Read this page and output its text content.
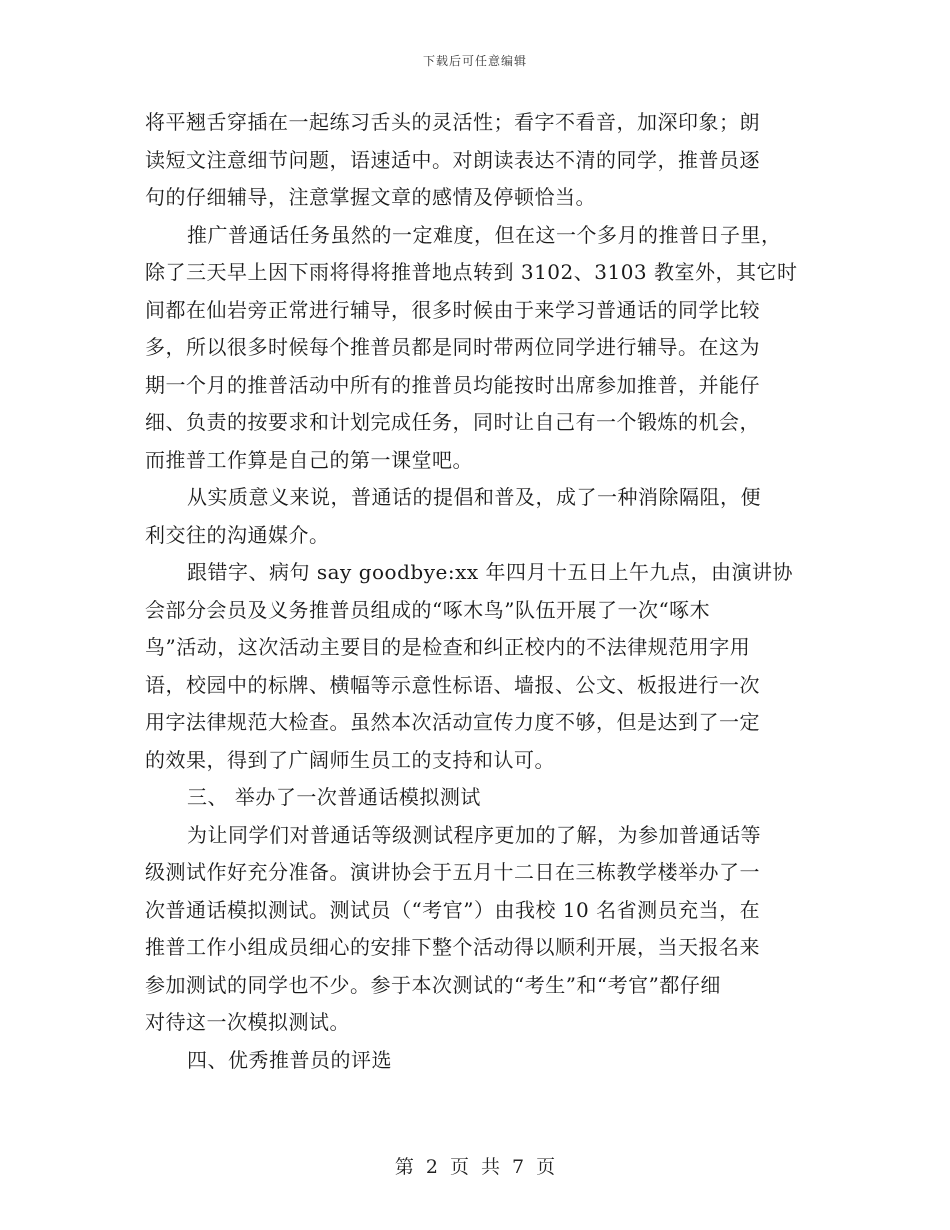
下载后可任意编辑
将平翘舌穿插在一起练习舌头的灵活性；看字不看音，加深印象；朗
读短文注意细节问题，语速适中。对朗读表达不清的同学，推普员逐
句的仔细辅导，注意掌握文章的感情及停顿恰当。
推广普通话任务虽然的一定难度，但在这一个多月的推普日子里，
除了三天早上因下雨将得将推普地点转到 3102、3103 教室外，其它时
间都在仙岩旁正常进行辅导，很多时候由于来学习普通话的同学比较
多，所以很多时候每个推普员都是同时带两位同学进行辅导。在这为
期一个月的推普活动中所有的推普员均能按时出席参加推普，并能仔
细、负责的按要求和计划完成任务，同时让自己有一个锻炼的机会，
而推普工作算是自己的第一课堂吧。
从实质意义来说，普通话的提倡和普及，成了一种消除隔阻，便
利交往的沟通媒介。
跟错字、病句 say goodbye:xx 年四月十五日上午九点，由演讲协
会部分会员及义务推普员组成的“啄木鸟”队伍开展了一次“啄木
鸟”活动，这次活动主要目的是检查和纠正校内的不法律规范用字用
语，校园中的标牌、横幅等示意性标语、墙报、公文、板报进行一次
用字法律规范大检查。虽然本次活动宣传力度不够，但是达到了一定
的效果，得到了广阔师生员工的支持和认可。
三、 举办了一次普通话模拟测试
为让同学们对普通话等级测试程序更加的了解，为参加普通话等
级测试作好充分准备。演讲协会于五月十二日在三栋教学楼举办了一
次普通话模拟测试。测试员（“考官”）由我校 10 名省测员充当，在
推普工作小组成员细心的安排下整个活动得以顺利开展，当天报名来
参加测试的同学也不少。参于本次测试的“考生”和“考官”都仔细
对待这一次模拟测试。
四、优秀推普员的评选
第 2 页 共 7 页
